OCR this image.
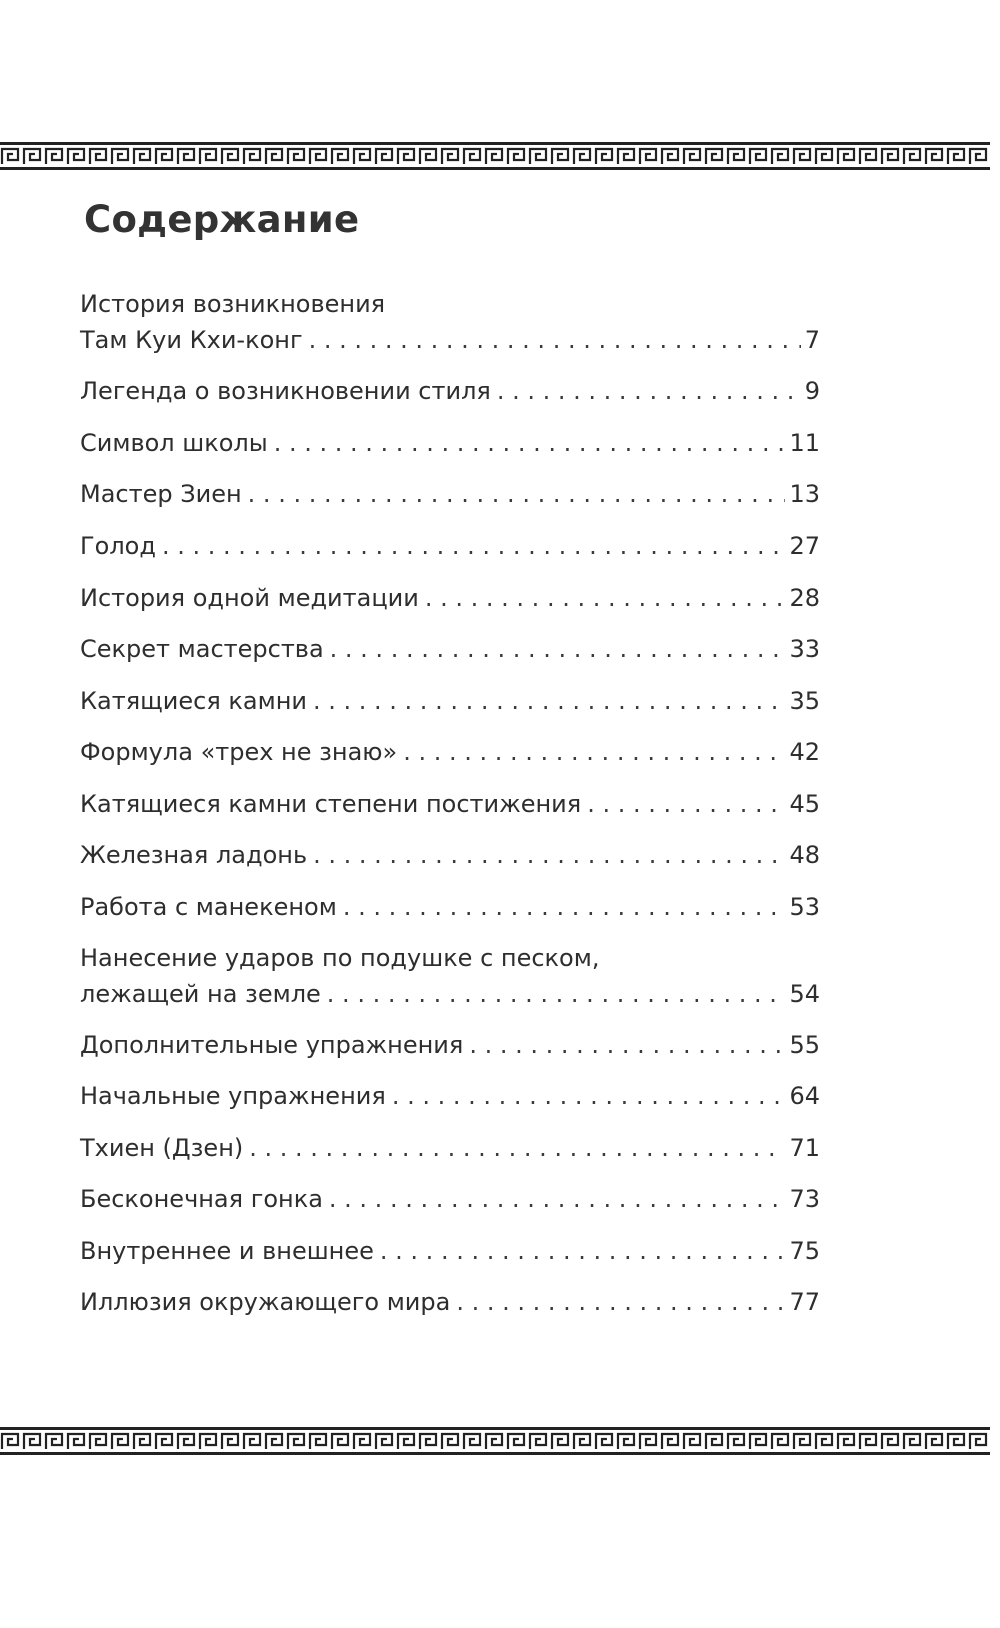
Содержание
История возникновения
Там Куи Кхи-конг . . .	7
Легенда о возникновении стиля . . .	9
Символ школы . . .	11
Мастер Зиен . . .	13
Голод . . .	27
История одной медитации . . .	28
Секрет мастерства . . .	33
Катящиеся камни . . .	35
Формула «трех не знаю» . . .	42
Катящиеся камни степени постижения . . .	45
Железная ладонь . . .	48
Работа с манекеном . . .	53
Нанесение ударов по подушке с песком,
лежащей на земле . . .	54
Дополнительные упражнения . . .	55
Начальные упражнения . . .	64
Тхиен (Дзен) . . .	71
Бесконечная гонка . . .	73
Внутреннее и внешнее . . .	75
Иллюзия окружающего мира . . .	77
